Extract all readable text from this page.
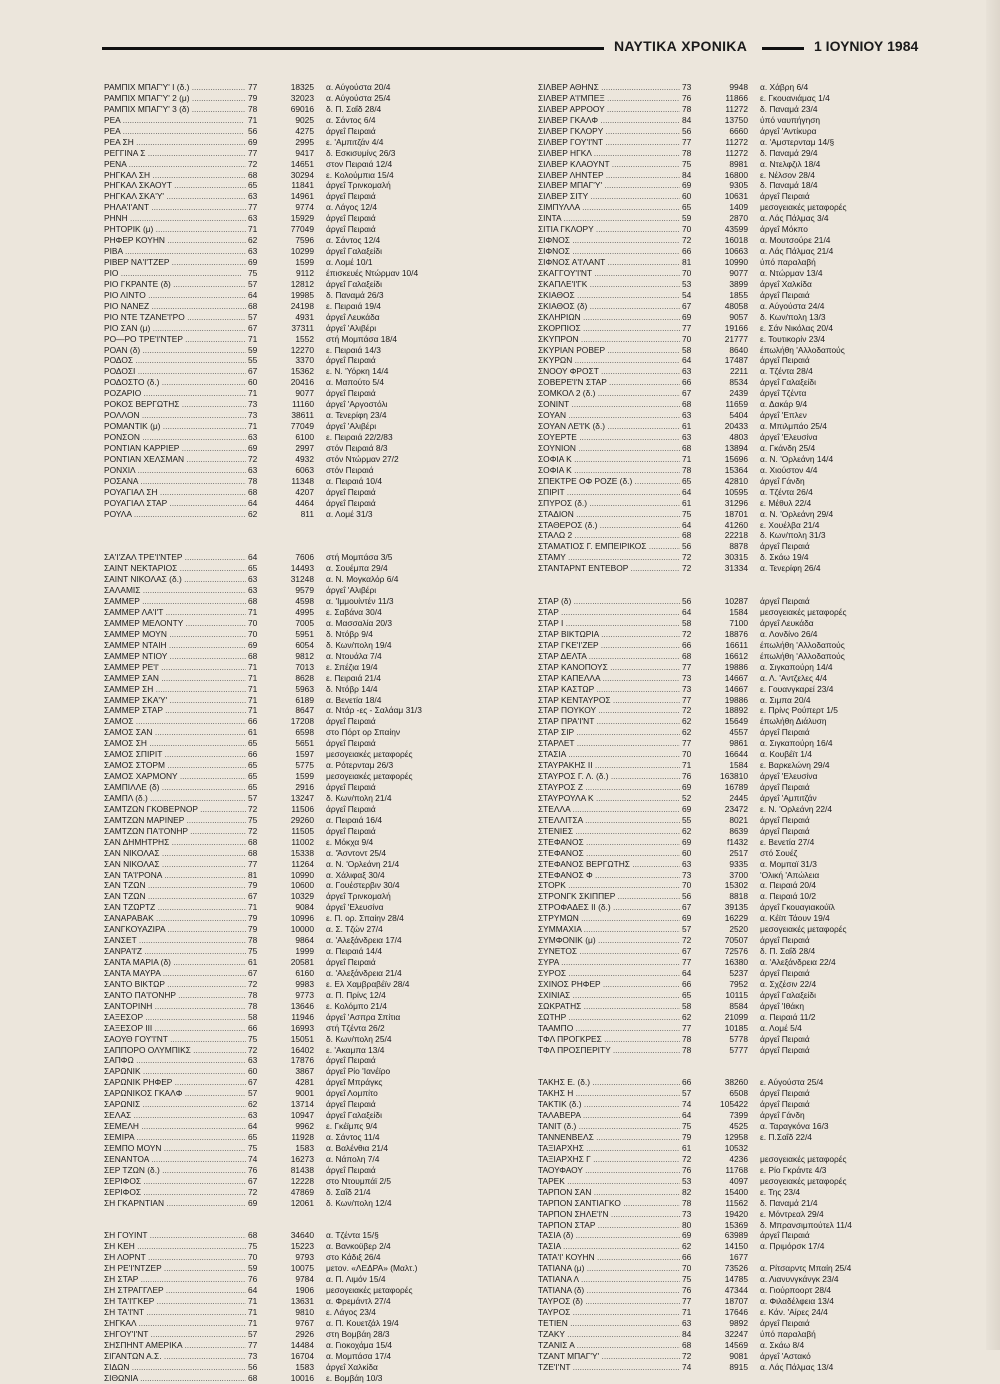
ΝΑΥΤΙΚΑ ΧΡΟΝΙΚΑ	1 ΙΟΥΝΙΟΥ 1984
ΡΑΜΠΙΧ ΜΠΑΓ'Υ' Ι (δ.) .....	77	18325	α. Αύγούστα 20/4
ΡΑΜΠΙΧ ΜΠΑΓ'Υ' 2 (μ) .....	79	32023	α. Αύγούστα 25/4
ΡΑΜΠΙΧ ΜΠΑΓ'Υ' 3 (δ) .....	78	69016	δ. Π. Σαΐδ 28/4
ΡΕΑ .....	71	9025	α. Σάντος 6/4
ΡΕΑ .....	56	4275	άργεΐ Πειραιά
ΡΕΑ ΣΗ .....	69	2995	ε. 'Αμπιτζάν 4/4
ΡΕΓΓΙΝΑ Σ .....	77	9417	δ. Εσκισυμίνς 26/3
ΡΕΝΑ .....	72	14651	στον Πειραιά 12/4
ΡΗΓΚΑΛ ΣΗ .....	68	30294	ε. Κολούμπια 15/4
ΡΗΓΚΑΛ ΣΚΑΟΥΤ .....	65	11841	άργεΐ Τρινκομαλή
ΡΗΓΚΑΛ ΣΚΑ'Υ' .....	63	14961	άργεΐ Πειραιά
ΡΗΛΑ'Ι'ΑΝΤ .....	77	9774	α. Λάγος 12/4
ΡΗΝΗ .....	63	15929	άργεΐ Πειραιά
ΡΗΤΟΡΙΚ (μ) .....	71	77049	άργεΐ Πειραιά
ΡΗΦΕΡ ΚΟΥΗΝ .....	62	7596	α. Σάντος 12/4
ΡΙΒΑ .....	63	10299	άργεΐ Γαλαξείδι
ΡΙΒΕΡ ΝΑ'Ι'ΤΖΕΡ .....	69	1599	α. Λομέ 10/1
ΡΙΟ .....	75	9112	έπισκευές Ντώρμαν 10/4
ΡΙΟ ΓΚΡΑΝΤΕ (δ) .....	57	12812	άργεΐ Γαλαξείδι
ΡΙΟ ΛΙΝΤΟ .....	64	19985	δ. Παναμά 26/3
ΡΙΟ ΝΑΝΕΖ .....	68	24198	ε. Πειραιά 19/4
ΡΙΟ ΝΤΕ ΤΖΑΝΕ'Ι'ΡΟ .....	57	4931	άργεΐ Λευκάδα
ΡΙΟ ΣΑΝ (μ) .....	67	37311	άργεΐ 'Αλιβέρι
ΡΟ—ΡΟ ΤΡΕ'Ι'ΝΤΕΡ .....	71	1552	στή Μομπάσα 18/4
ΡΟΑΝ (δ) .....	59	12270	ε. Πειραιά 14/3
ΡΟΔΟΣ .....	55	3370	άργεΐ Πειραιά
ΡΟΔΟΣΙ .....	67	15362	ε. Ν. 'Υόρκη 14/4
ΡΟΔΟΣΤΟ (δ.) .....	60	20416	α. Μαπούτο 5/4
ΡΟΖΑΡΙΟ .....	71	9077	άργεΐ Πειραιά
ΡΟΚΟΣ ΒΕΡΓΩΤΗΣ .....	73	11160	άργεΐ 'Αργοστόλι
ΡΟΛΛΟΝ .....	73	38611	α. Τενερίφη 23/4
ΡΟΜΑΝΤΙΚ (μ) .....	71	77049	άργεΐ 'Αλιβέρι
ΡΟΝΣΟΝ .....	63	6100	ε. Πειραιά 22/2/83
ΡΟΝΤΙΑΝ ΚΑΡΡΙΕΡ .....	69	2997	στόν Πειραιά 8/3
ΡΟΝΤΙΑΝ ΧΕΛΣΜΑΝ .....	72	4932	στόν Ντώρμαν 27/2
ΡΟΝΧΙΛ .....	63	6063	στόν Πειραιά
ΡΟΣΑΝΑ .....	78	11348	α. Πειραιά 10/4
ΡΟΥΑΓΙΑΛ ΣΗ .....	68	4207	άργεΐ Πειραιά
ΡΟΥΑΓΙΑΛ ΣΤΑΡ .....	64	4464	άργεΐ Πειραιά
ΡΟΥΛΑ .....	62	811	α. Λομέ 31/3
ΣΑ'Ι'ΖΑΛ ΤΡΕ'Ι'ΝΤΕΡ .....	64	7606	στή Μομπάσα 3/5
ΣΑΙΝΤ ΝΕΚΤΑΡΙΟΣ .....	65	14493	α. Σουέμπα 29/4
ΣΑΙΝΤ ΝΙΚΟΛΑΣ (δ.) .....	63	31248	α. Ν. Μογκαλόρ 6/4
ΣΑΛΑΜΙΣ .....	63	9579	άργεΐ 'Αλιβέρι
ΣΑΜΜΕΡ .....	68	4598	α. 'Ιμμουίντέν 11/3
ΣΑΜΜΕΡ ΛΑ'Ι'Τ .....	71	4995	ε. Σαβάνα 30/4
ΣΑΜΜΕΡ ΜΕΛΟΝΤΥ .....	70	7005	α. Μασσαλία 20/3
ΣΑΜΜΕΡ ΜΟΥΝ .....	70	5951	δ. Ντόβρ 9/4
ΣΑΜΜΕΡ ΝΤΑΙΗ .....	69	6054	δ. Κων/πολη 19/4
ΣΑΜΜΕΡ ΝΤΙΟΥ .....	68	9812	α. Ντουάλα 7/4
ΣΑΜΜΕΡ ΡΕ'Ι' .....	71	7013	ε. Σπέζια 19/4
ΣΑΜΜΕΡ ΣΑΝ .....	71	8628	ε. Πειραιά 21/4
ΣΑΜΜΕΡ ΣΗ .....	71	5963	δ. Ντόβρ 14/4
ΣΑΜΜΕΡ ΣΚΑ'Υ' .....	71	6189	α. Βενετία 18/4
ΣΑΜΜΕΡ ΣΤΑΡ .....	71	8647	α. Ντάρ -ες - Σαλάαμ 31/3
ΣΑΜΟΣ .....	66	17208	άργεΐ Πειραιά
ΣΑΜΟΣ ΣΑΝ .....	61	6598	στο Πόρτ ορ Σπαίην
ΣΑΜΟΣ ΣΗ .....	65	5651	άργεΐ Πειραιά
ΣΑΜΟΣ ΣΠΙΡΙΤ .....	66	1597	μεσογειακές μεταφορές
ΣΑΜΟΣ ΣΤΟΡΜ .....	65	5775	α. Ρότερνταμ 26/3
ΣΑΜΟΣ ΧΑΡΜΟΝΥ .....	65	1599	μεσογειακές μεταφορές
ΣΑΜΠΙΛΛΕ (δ) .....	65	2916	άργεΐ Πειραιά
ΣΑΜΠΛ (δ.) .....	57	13247	δ. Κων/πολη 21/4
ΣΑΜΤΖΩΝ ΓΚΟΒΕΡΝΟΡ .....	72	11506	άργεΐ Πειραιά
ΣΑΜΤΖΩΝ ΜΑΡΙΝΕΡ .....	75	29260	α. Πειραιά 16/4
ΣΑΜΤΖΩΝ ΠΑ'Ι'ΟΝΗΡ .....	72	11505	άργεΐ Πειραιά
ΣΑΝ ΔΗΜΗΤΡΗΣ .....	68	11002	ε. Μόκχα 9/4
ΣΑΝ ΝΙΚΟΛΑΣ .....	68	15338	α. 'Άσντοντ 25/4
ΣΑΝ ΝΙΚΟΛΑΣ .....	77	11264	α. Ν. 'Ορλεάνη 21/4
ΣΑΝ ΤΑ'Ι'ΡΟΝΑ .....	81	10990	α. Χάλιφαξ 30/4
ΣΑΝ ΤΖΩΝ .....	79	10600	α. Γουέστερβιν 30/4
ΣΑΝ ΤΖΩΝ .....	67	10329	άργεΐ Τρινκομαλή
ΣΑΝ ΤΖΩΡΤΖ .....	71	9084	άργεΐ 'Ελευσίνα
ΣΑΝΑΡΑΒΑΚ .....	79	10996	ε. Π. ορ. Σπαίην 28/4
ΣΑΝΓΚΟΥΑΖΙΡΑ .....	79	10000	α. Σ. Τζών 27/4
ΣΑΝΣΕΤ .....	78	9864	α. 'Αλεξάνδρεια 17/4
ΣΑΝΡΑ'Ι'Ζ .....	75	1999	α. Πειραιά 14/4
ΣΑΝΤΑ ΜΑΡΙΑ (δ) .....	61	20581	άργεΐ Πειραιά
ΣΑΝΤΑ ΜΑΥΡΑ .....	67	6160	α. 'Αλεξάνδρεια 21/4
ΣΑΝΤΟ ΒΙΚΤΩΡ .....	72	9983	ε. Ελ Χαμβραβέϊν 28/4
ΣΑΝΤΟ ΠΑ'Ι'ΟΝΗΡ .....	78	9773	α. Π. Πρίνς 12/4
ΣΑΝΤΟΡΙΝΗ .....	78	13646	ε. Κολόμπο 21/4
ΣΑΞΕΣΟΡ .....	58	11946	άργεΐ 'Ασπρα Σπίτια
ΣΑΞΕΣΟΡ ΙΙΙ .....	66	16993	στή Τζέντα 26/2
ΣΑΟΥΘ ΓΟΥ'Ι'ΝΤ .....	75	15051	δ. Κων/πολη 25/4
ΣΑΠΠΟΡΟ ΟΛΥΜΠΙΚΣ .....	72	16402	ε. 'Ακαμπα 13/4
ΣΑΠΦΩ .....	63	17876	άργεΐ Πειραιά
ΣΑΡΩΝΙΚ .....	60	3867	άργεΐ Ρίο 'Ιανέϊρο
ΣΑΡΩΝΙΚ ΡΗΦΕΡ .....	67	4281	άργεΐ Μπράγκς
ΣΑΡΩΝΙΚΟΣ ΓΚΑΛΦ .....	57	9001	άργεΐ Λομπίτο
ΣΑΡΩΝΙΣ .....	62	13714	άργεΐ Πειραιά
ΣΕΛΑΣ .....	63	10947	άργεΐ Γαλαξείδι
ΣΕΜΕΛΗ .....	64	9962	ε. Γκέϊμπς 9/4
ΣΕΜΙΡΑ .....	65	11928	α. Σάντος 11/4
ΣΕΜΠΟ ΜΟΥΝ .....	75	1583	α. Βαλένθια 21/4
ΣΕΝΑΝΤΟΑ .....	74	16273	α. Νάπολη 7/4
ΣΕΡ ΤΖΩΝ (δ.) .....	76	81438	άργεΐ Πειραιά
ΣΕΡΙΦΟΣ .....	67	12228	στο Ντουμπάϊ 2/5
ΣΕΡΙΦΟΣ .....	72	47869	δ. Σαΐδ 21/4
ΣΗ ΓΚΑΡΝΤΙΑΝ .....	69	12061	δ. Κων/πολη 12/4
ΣΗ ΓΟΥΙΝΤ .....	68	34640	α. Τζέντα 15/§
ΣΗ ΚΕΗ .....	75	15223	α. Βανκοϋβερ 2/4
ΣΗ ΛΟΡΝΤ .....	70	9793	στο Κάδιξ 26/4
ΣΗ ΡΕ'Ι'ΝΤΖΕΡ .....	59	10075	μετον. «ΛΕΔΡΑ» (Μαλτ.)
ΣΗ ΣΤΑΡ .....	76	9784	α. Π. Λιμόν 15/4
ΣΗ ΣΤΡΑΓΓΛΕΡ .....	64	1906	μεσογειακές μεταφορές
ΣΗ ΤΑ'Ι'ΓΚΕΡ .....	71	13631	α. Φρεμάντλ 27/4
ΣΗ ΤΑ'Ι'ΝΤ .....	71	9810	ε. Λάγος 23/4
ΣΗΓΚΑΛ .....	71	9767	α. Π. Κουετζάλ 19/4
ΣΗΓΟΥ'Ι'ΝΤ .....	57	2926	στη Βομβάη 28/3
ΣΗΣΠΗΝΤ ΑΜΕΡΙΚΑ .....	77	14484	α. Γιοκοχάμα 15/4
ΣΙΓΑΝΤΩΝ Α.Σ. .....	73	16704	α. Μομπάσα 17/4
ΣΙΔΩΝ .....	56	1583	άργεΐ Χαλκίδα
ΣΙΘΩΝΙΑ .....	68	10016	ε. Βομβάη 10/3
ΣΙΛΒΕΡ ΑΘΗΝΣ .....	73	9948	α. Χάβρη 6/4
ΣΙΛΒΕΡ Α'Ι'ΜΠΕΞ .....	76	11866	ε. Γκουανιάμας 1/4
ΣΙΛΒΕΡ ΑΡΡΟΟΥ .....	78	11272	δ. Παναμά 23/4
ΣΙΛΒΕΡ ΓΚΑΛΦ .....	84	13750	ύπό ναυπήγηση
ΣΙΛΒΕΡ ΓΚΛΟΡΥ .....	56	6660	άργεΐ 'Αντίκυρα
ΣΙΛΒΕΡ ΓΟΥ'Ι'ΝΤ .....	77	11272	α. 'Αμστερνταμ 14/§
ΣΙΛΒΕΡ ΗΓΚΛ .....	78	11272	δ. Παναμά 29/4
ΣΙΛΒΕΡ ΚΛΑΟΥΝΤ .....	75	8981	α. Ντελφζιλ 18/4
ΣΙΛΒΕΡ ΛΗΝΤΕΡ .....	84	16800	ε. Νέλσον 28/4
ΣΙΛΒΕΡ ΜΠΑΓ'Υ' .....	69	9305	δ. Παναμά 18/4
ΣΙΛΒΕΡ ΣΙΤΥ .....	60	10631	άργεΐ Πειραιά
ΣΙΜΠΥΛΛΑ .....	65	1409	μεσογειακές μεταφορές
ΣΙΝΤΑ .....	59	2870	α. Λάς Πάλμας 3/4
ΣΙΤΙΑ ΓΚΛΟΡΥ .....	70	43599	άργεΐ Μόκπο
ΣΙΦΝΟΣ .....	72	16018	α. Μουτσούρε 21/4
ΣΙΦΝΟΣ .....	66	10663	α. Λάς Πάλμας 21/4
ΣΙΦΝΟΣ Α'Ι'ΛΑΝΤ .....	81	10990	ύπό παραλαβή
ΣΚΑΓΓΟΥ'Ι'ΝΤ .....	70	9077	α. Ντώρμαν 13/4
ΣΚΑΠΛΕ'Ι'ΓΚ .....	53	3899	άργεΐ Χαλκίδα
ΣΚΙΑΘΟΣ .....	54	1855	άργεΐ Πειραιά
ΣΚΙΑΘΟΣ (δ) .....	67	48058	α. Αύγούστα 24/4
ΣΚΛΗΡΙΩΝ .....	69	9057	δ. Κων/πολη 13/3
ΣΚΟΡΠΙΟΣ .....	77	19166	ε. Σάν Νικόλας 20/4
ΣΚΥΠΡΟΝ .....	70	21777	ε. Τουτικορίν 23/4
ΣΚΥΡΙΑΝ ΡΟΒΕΡ .....	58	8640	έπωλήθη 'Αλλοδαπούς
ΣΚΥΡΩΝ .....	64	17487	άργεΐ Πειραιά
ΣΝΟΟΥ ΦΡΟΣΤ .....	63	2211	α. Τζέντα 28/4
ΣΟΒΕΡΕ'Ι'Ν ΣΤΑΡ .....	66	8534	άργεΐ Γαλαξείδι
ΣΟΜΚΟΛ 2 (δ.) .....	67	2439	άργεΐ Τζέντα
ΣΟΝΙΝΤ .....	68	11659	α. Δακάρ 9/4
ΣΟΥΑΝ .....	63	5404	άργεΐ 'Επλεν
ΣΟΥΑΝ ΛΕ'Ι'Κ (δ.) .....	61	20433	α. Μπιλμπάο 25/4
ΣΟΥΕΡΤΕ .....	63	4803	άργεΐ 'Ελευσίνα
ΣΟΥΝΙΟΝ .....	68	13894	α. Γκάνδη 25/4
ΣΟΦΙΑ Κ .....	71	15696	α. Ν. 'Ορλεάνη 14/4
ΣΟΦΙΑ Κ .....	78	15364	α. Χιούστον 4/4
ΣΠΕΚΤΡΕ ΟΦ ΡΟΖΕ (δ.) .....	65	42810	άργεΐ Γάνδη
ΣΠΙΡΙΤ .....	64	10595	α. Τζέντα 26/4
ΣΠΥΡΟΣ (δ.) .....	61	31296	ε. Μέθυλ 22/4
ΣΤΑΔΙΟΝ .....	75	18701	α. Ν. 'Ορλεάνη 29/4
ΣΤΑΘΕΡΟΣ (δ.) .....	64	41260	ε. Χουέλβα 21/4
ΣΤΑΛΩ 2 .....	68	22218	δ. Κων/πολη 31/3
ΣΤΑΜΑΤΙΟΣ Γ. ΕΜΠΕΙΡΙΚΟΣ .....	56	8878	άργεΐ Πειραιά
ΣΤΑΜΥ .....	72	30315	δ. Σκάω 19/4
ΣΤΑΝΤΑΡΝΤ ΕΝΤΕΒΟΡ .....	72	31334	α. Τενερίφη 26/4
ΣΤΑΡ (δ) .....	56	10287	άργεΐ Πειραιά
ΣΤΑΡ .....	64	1584	μεσογειακές μεταφορές
ΣΤΑΡ Ι .....	58	7100	άργεΐ Λευκάδα
ΣΤΑΡ ΒΙΚΤΩΡΙΑ .....	72	18876	α. Λονδίνο 26/4
ΣΤΑΡ ΓΚΕ'Ι'ΖΕΡ .....	66	16611	έπωλήθη 'Αλλοδαπούς
ΣΤΑΡ ΔΕΛΤΑ .....	68	16612	έπωλήθη 'Αλλοδαπούς
ΣΤΑΡ ΚΑΝΟΠΟΥΣ .....	77	19886	α. Σιγκαπούρη 14/4
ΣΤΑΡ ΚΑΠΕΛΛΑ .....	73	14667	α. Λ. 'Αντζελες 4/4
ΣΤΑΡ ΚΑΣΤΩΡ .....	73	14667	ε. Γουανγκαρεί 23/4
ΣΤΑΡ ΚΕΝΤΑΥΡΟΣ .....	77	19886	α. Σιμπα 20/4
ΣΤΑΡ ΠΟΥΚΟΥ .....	72	18892	ε. Πρίνς Ρούπερτ 1/5
ΣΤΑΡ ΠΡΑ'Ι'ΝΤ .....	62	15649	έπωλήθη Διάλυση
ΣΤΑΡ ΣΙΡ .....	62	4557	άργεΐ Πειραιά
ΣΤΑΡΛΕΤ .....	77	9861	α. Σιγκαπούρη 16/4
ΣΤΑΣΙΑ .....	70	16644	α. Κουβέϊτ 1/4
ΣΤΑΥΡΑΚΗΣ ΙΙ .....	71	1584	ε. Βαρκελώνη 29/4
ΣΤΑΥΡΟΣ Γ. Λ. (δ.) .....	76	163810	άργεΐ 'Ελευσίνα
ΣΤΑΥΡΟΣ Ζ .....	69	16789	άργεΐ Πειραιά
ΣΤΑΥΡΟΥΛΑ Κ .....	52	2445	άργεΐ 'Αμπιτζάν
ΣΤΕΛΛΑ .....	69	23472	ε. Ν. 'Ορλεάνη 22/4
ΣΤΕΛΛΙΤΣΑ .....	55	8021	άργεΐ Πειραιά
ΣΤΕΝΙΕΣ .....	62	8639	άργεΐ Πειραιά
ΣΤΕΦΑΝΟΣ .....	69	f1432	ε. Βενετία 27/4
ΣΤΕΦΑΝΟΣ .....	60	2517	στό Σουέζ
ΣΤΕΦΑΝΟΣ ΒΕΡΓΩΤΗΣ .....	63	9335	α. Μομπαϊ 31/3
ΣΤΕΦΑΝΟΣ Φ .....	73	3700	'Ολική 'Απώλεια
ΣΤΟΡΚ .....	70	15302	α. Πειραιά 20/4
ΣΤΡΟΝΓΚ ΣΚΙΠΠΕΡ .....	56	8818	α. Πειραιά 10/2
ΣΤΡΟΦΑΔΕΣ ΙΙ (δ.) .....	67	39135	άργεΐ Γκουαγιακούϊλ
ΣΤΡΥΜΩΝ .....	69	16229	α. Κέϊπ Τάουν 19/4
ΣΥΜΜΑΧΙΑ .....	57	2520	μεσογειακές μεταφορές
ΣΥΜΦΟΝΙΚ (μ) .....	72	70507	άργεΐ Πειραιά
ΣΥΝΕΤΟΣ .....	67	72576	δ. Π. Σαΐδ 28/4
ΣΥΡΑ .....	77	16380	α. 'Αλεξάνδρεια 22/4
ΣΥΡΟΣ .....	64	5237	άργεΐ Πειραιά
ΣΧΙΝΟΣ ΡΗΦΕΡ .....	66	7952	α. Σχζέσιν 22/4
ΣΧΙΝΙΑΣ .....	65	10115	άργεΐ Γαλαξείδι
ΣΩΚΡΑΤΗΣ .....	58	8584	άργεΐ 'Ιθάκη
ΣΩΤΗΡ .....	62	21099	α. Πειραιά 11/2
ΤΑΑΜΠΟ .....	77	10185	α. Λομέ 5/4
ΤΦΛ ΠΡΟΓΚΡΕΣ .....	78	5778	άργεΐ Πειραιά
ΤΦΛ ΠΡΟΣΠΕΡΙΤΥ .....	78	5777	άργεΐ Πειραιά
ΤΑΚΗΣ Ε. (δ.) .....	66	38260	ε. Αύγούστα 25/4
ΤΑΚΗΣ Η .....	57	6508	άργεΐ Πειραιά
ΤΑΚΤΙΚ (δ.) .....	74	105422	άργεΐ Πειραιά
ΤΑΛΑΒΕΡΑ .....	64	7399	άργεΐ Γάνδη
ΤΑΝΙΤ (δ.) .....	75	4525	α. Ταραγκόνα 16/3
ΤΑΝΝΕΝΒΕΛΣ .....	79	12958	ε. Π.Σαΐδ 22/4
ΤΑΞΙΑΡΧΗΣ .....	61	10532
ΤΑΞΙΑΡΧΗΣ Γ .....	72	4236	μεσογειακές μεταφορές
ΤΑΟΥΦΑΟΥ .....	76	11768	ε. Ρίο Γκράντε 4/3
ΤΑΡΕΚ .....	53	4097	μεσογειακές μεταφορές
ΤΑΡΠΟΝ ΣΑΝ .....	82	15400	ε. Της 23/4
ΤΑΡΠΟΝ ΣΑΝΤΙΑΓΚΟ .....	78	11562	δ. Παναμά 21/4
ΤΑΡΠΟΝ ΣΗΛΕ'Ι'Ν .....	73	19420	ε. Μόντρεαλ 29/4
ΤΑΡΠΟΝ ΣΤΑΡ .....	80	15369	δ. Μπρανσιμπούτελ 11/4
ΤΑΣΙΑ (δ) .....	69	63989	άργεΐ Πειραιά
ΤΑΣΙΑ .....	62	14150	α. Πριμόρσκ 17/4
ΤΑΤΑ'Ι' ΚΟΥΗΝ .....	66	1677
ΤΑΤΙΑΝΑ (μ) .....	70	73526	α. Ρίτσαρντς Μπαίη 25/4
ΤΑΤΙΑΝΑ Λ .....	75	14785	α. Λιανυνγκάνγκ 23/4
ΤΑΤΙΑΝΑ (δ) .....	76	47344	α. Γιούρποορτ 28/4
ΤΑΥΡΟΣ (δ) .....	77	18707	α. Φιλαδέλφεια 13/4
ΤΑΥΡΟΣ .....	71	17646	ε. Κάν. 'Αίρες 24/4
ΤΕΤΙΕΝ .....	63	9892	άργεΐ Πειραιά
ΤΖΑΚΥ .....	84	32247	ύπό παραλαβή
ΤΖΑΝΙΣ Α .....	68	14569	α. Σκάω 8/4
ΤΖΑΝΤ ΜΠΑΓ'Υ' .....	72	9081	άργεΐ 'Αστακό
ΤΖΕ'Ι'ΝΤ .....	74	8915	α. Λάς Πάλμας 13/4
